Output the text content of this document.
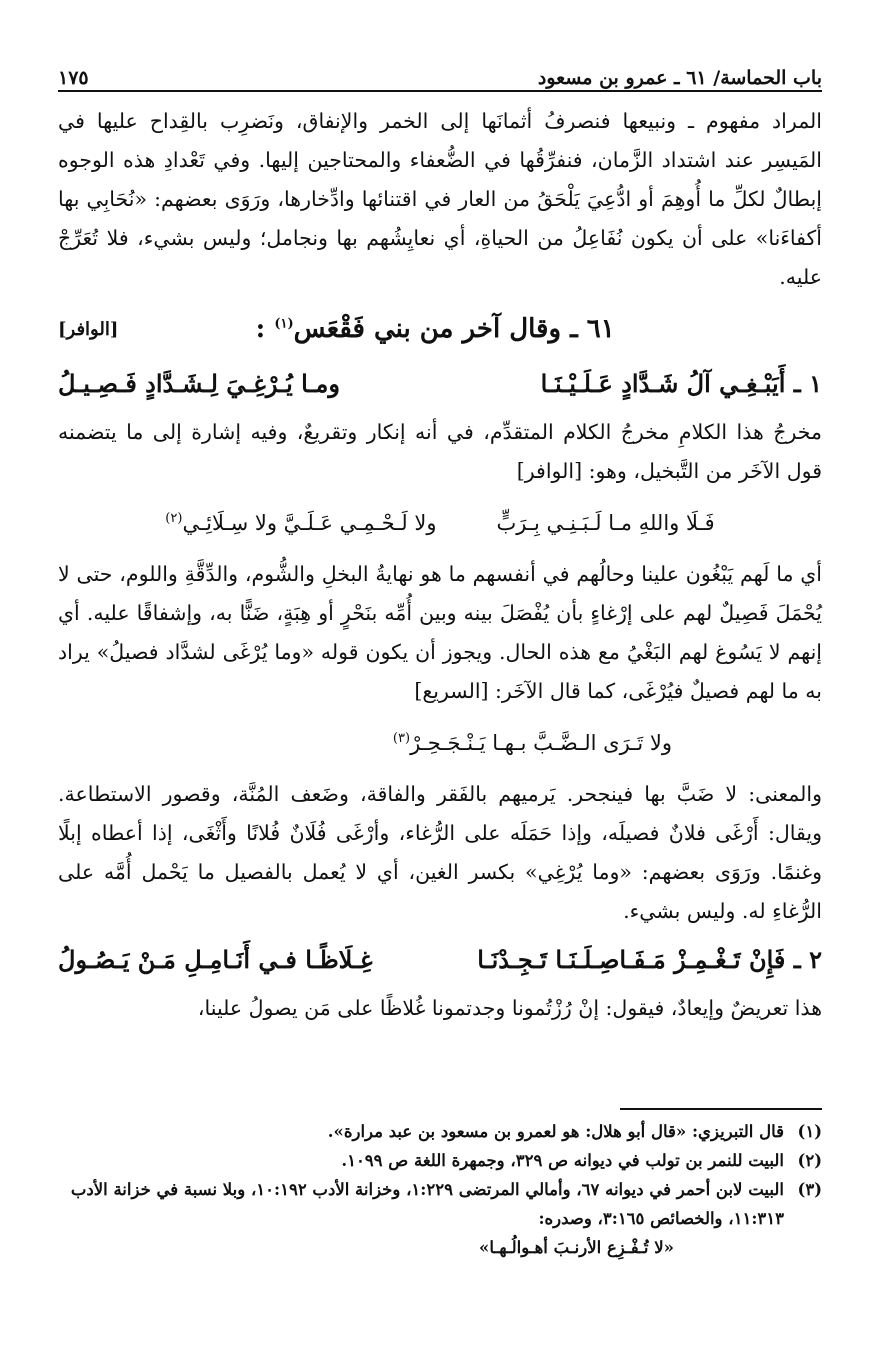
باب الحماسة/ ٦١ ـ عمرو بن مسعود
١٧٥

المراد مفهوم ـ ونبيعها فنصرفُ أثمانَها إلى الخمر والإنفاق، ونَضرِب بالقِداح عليها في المَيسِر عند اشتداد الزَّمان، فنفرِّقُها في الضُّعفاء والمحتاجين إليها. وفي تَعْدادِ هذه الوجوه إبطالٌ لكلِّ ما أُوهِمَ أو ادُّعِيَ يَلْحَقُ من العار في اقتنائها وادِّخارها، ورَوَى بعضهم: «نُحَابِي بها أكفاءَنا» على أن يكون نُفَاعِلُ من الحياةِ، أي نعايِشُهم بها ونجامل؛ وليس بشيء، فلا تُعَرِّجْ عليه.

٦١ ـ وقال آخر من بني فَقْعَس$^{(١)}$ :
[الوافر]
١ ـ أَيَبْـغِـي آلُ شَـدَّادٍ عَـلَـيْـنَـا
ومـا يُـرْغِـيَ لِـشَـدَّادٍ فَـصِـيـلُ

مخرجُ هذا الكلامِ مخرجُ الكلام المتقدِّم، في أنه إنكار وتقريعٌ، وفيه إشارة إلى ما يتضمنه قول الآخَر من التَّبخيل، وهو: [الوافر]

فَـلَا واللهِ مـا لَـبَـنِـي بِـرَبٍّ
ولا لَـحْـمِـي عَـلَـيَّ ولا سِـلَائِـي$^{(٢)}$

أي ما لَهم يَبْغُون علينا وحالُهم في أنفسهم ما هو نهايةُ البخلِ والشُّوم، والدِّقَّةِ واللوم، حتى لا يُحْمَلَ فَصِيلٌ لهم على إرْغاءٍ بأن يُفْصَلَ بينه وبين أُمِّه بنَحْرٍ أو هِبَةٍ، ضَنًّا به، وإشفاقًا عليه. أي إنهم لا يَسُوغ لهم البَغْيُ مع هذه الحال. ويجوز أن يكون قوله «وما يُرْغَى لشدَّاد فصيلُ» يراد به ما لهم فصيلٌ فيُرْغَى، كما قال الآخَر: [السريع]

ولا تَـرَى الـضَّـبَّ بـهـا يَـنْـجَـحِـرْ$^{(٣)}$

والمعنى: لا ضَبَّ بها فينجحر. يَرميهم بالفَقر والفاقة، وضَعف المُنَّة، وقصور الاستطاعة. ويقال: أَرْغَى فلانٌ فصيلَه، وإذا حَمَلَه على الرُّغاء، وأرْغَى فُلَانٌ فُلانًا وأَثْغَى، إذا أعطاه إبلًا وغنمًا. ورَوَى بعضهم: «وما يُرْغِي» بكسر الغين، أي لا يُعمل بالفصيل ما يَحْمل أُمَّه على الرُّغاءِ له. وليس بشيء.

٢ ـ فَإِنْ تَـغْـمِـزْ مَـفَـاصِـلَـنَـا تَـجِـدْنَـا
غِـلَاظًـا فـي أَنَـامِـلِ مَـنْ يَـصُـولُ

هذا تعريضٌ وإيعادٌ، فيقول: إنْ رُزْتُمونا وجدتمونا غُلاظًا على مَن يصولُ علينا،

(١)
قال التبريزي: «قال أبو هلال: هو لعمرو بن مسعود بن عبد مرارة».
(٢)
البيت للنمر بن تولب في ديوانه ص ٣٢٩، وجمهرة اللغة ص ١٠٩٩.
(٣)
البيت لابن أحمر في ديوانه ٦٧، وأمالي المرتضى ١:٢٢٩، وخزانة الأدب ١٠:١٩٢، وبلا نسبة في خزانة الأدب ١١:٣١٣، والخصائص ٣:١٦٥، وصدره:
«لا تُـفْـزِع الأرنـبَ أهـوالُـهـا»
